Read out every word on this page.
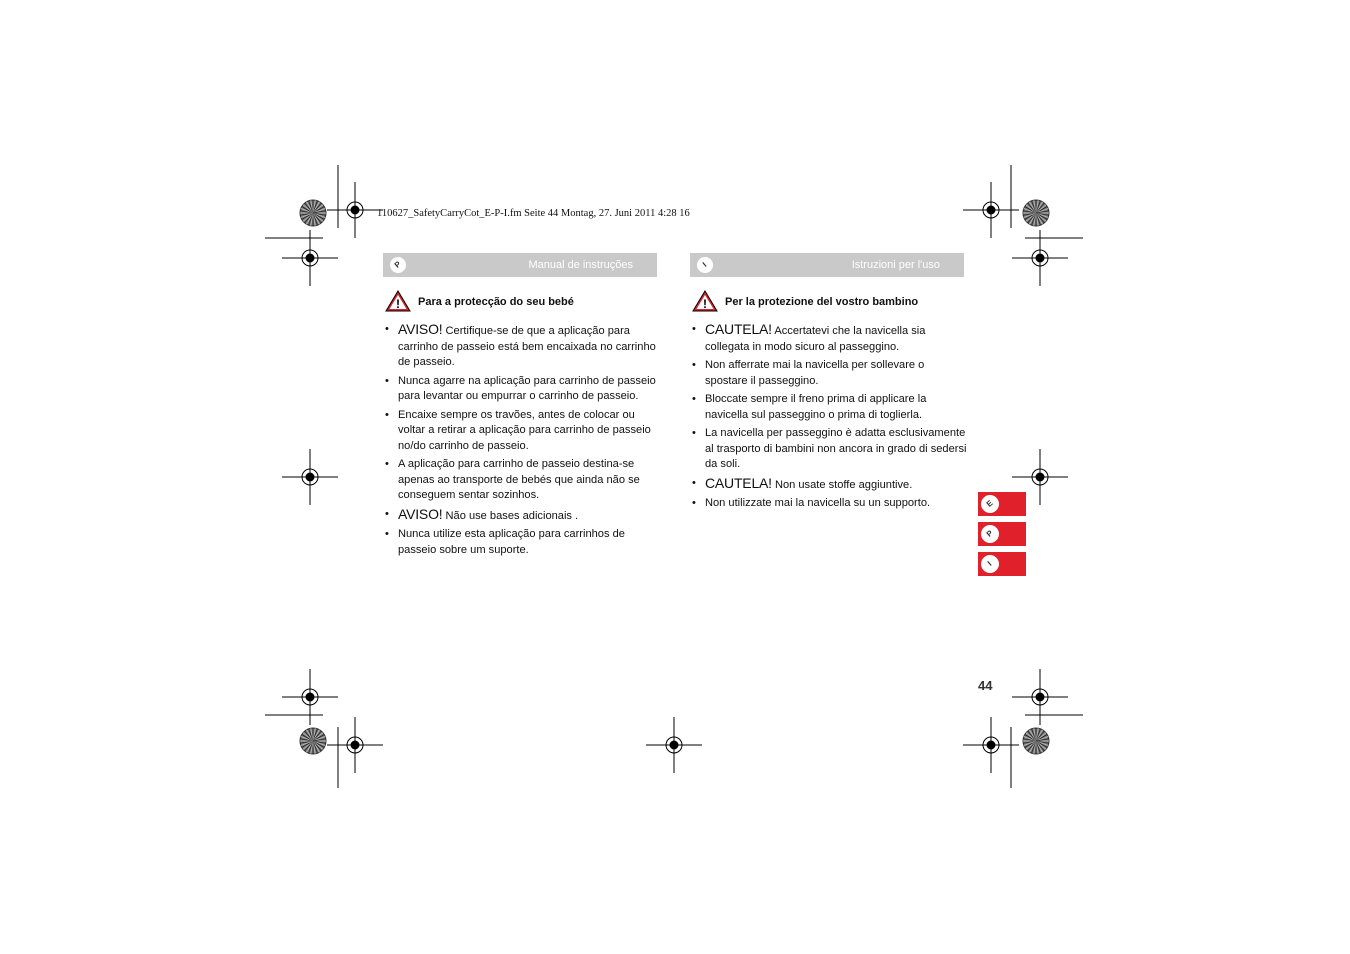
110627_SafetyCarryCot_E-P-I.fm Seite 44 Montag, 27. Juni 2011 4:28 16
P	Manual de instruções	I	Istruzioni per l'uso
! Para a protecção do seu bebé
• AVISO! Certifique-se de que a aplicação para carrinho de passeio está bem encaixada no carrinho de passeio.
• Nunca agarre na aplicação para carrinho de passeio para levantar ou empurrar o carrinho de passeio.
• Encaixe sempre os travões, antes de colocar ou voltar a retirar a aplicação para carrinho de passeio no/do carrinho de passeio.
• A aplicação para carrinho de passeio destina-se apenas ao transporte de bebés que ainda não se conseguem sentar sozinhos.
• AVISO! Não use bases adicionais .
• Nunca utilize esta aplicação para carrinhos de passeio sobre um suporte.
! Per la protezione del vostro bambino
• CAUTELA! Accertatevi che la navicella sia collegata in modo sicuro al passeggino.
• Non afferrate mai la navicella per sollevare o spostare il passeggino.
• Bloccate sempre il freno prima di applicare la navicella sul passeggino o prima di toglierla.
• La navicella per passeggino è adatta esclusivamente al trasporto di bambini non ancora in grado di sedersi da soli.
• CAUTELA! Non usate stoffe aggiuntive.
• Non utilizzate mai la navicella su un supporto.	E
P
I
44
